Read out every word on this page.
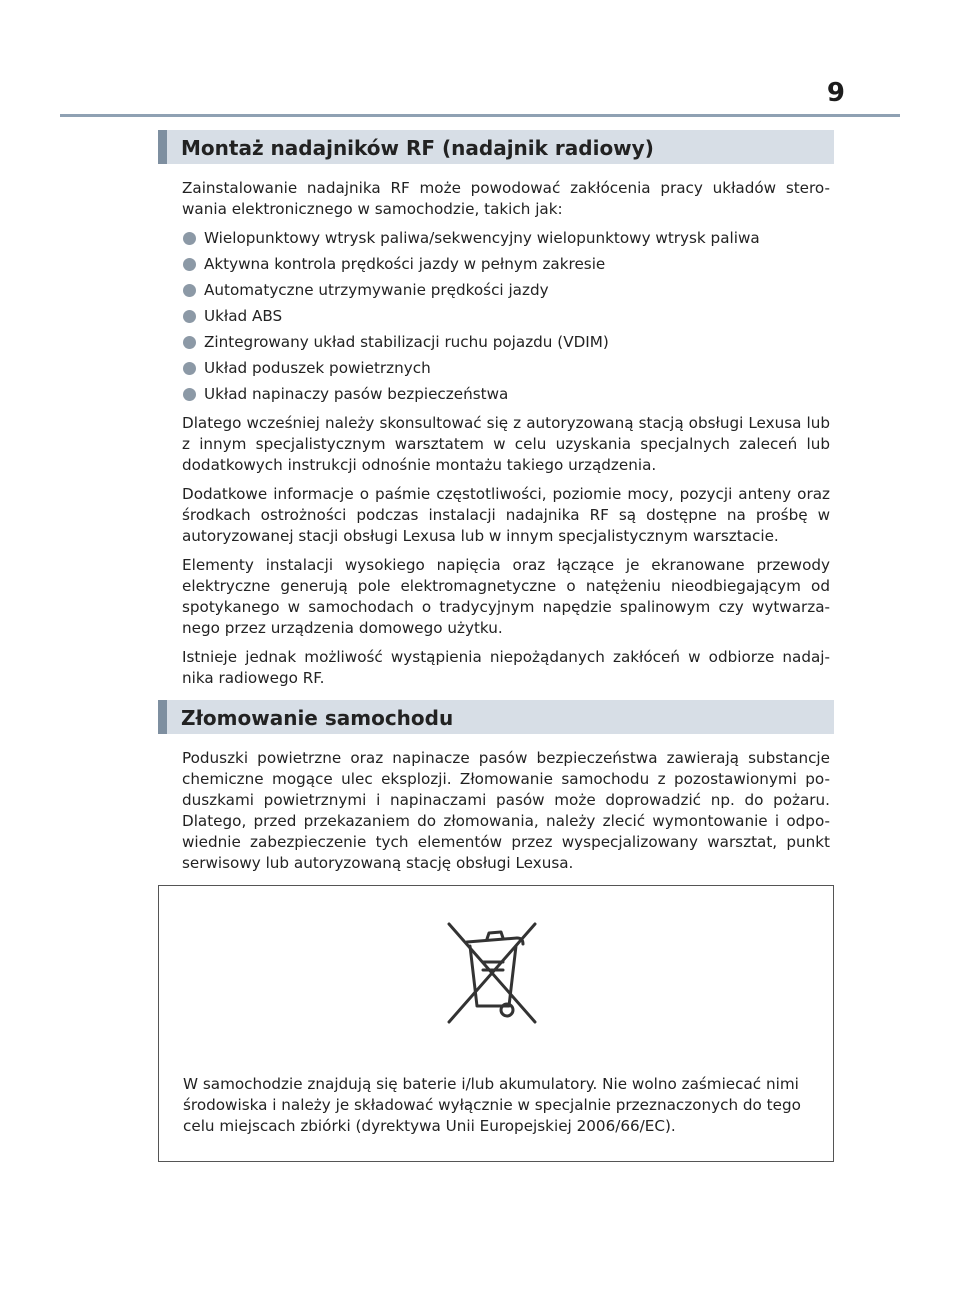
9
Montaż nadajników RF (nadajnik radiowy)

Zainstalowanie nadajnika RF może powodować zakłócenia pracy układów stero-wania elektronicznego w samochodzie, takich jak:

Wielopunktowy wtrysk paliwa/sekwencyjny wielopunktowy wtrysk paliwa
Aktywna kontrola prędkości jazdy w pełnym zakresie
Automatyczne utrzymywanie prędkości jazdy
Układ ABS
Zintegrowany układ stabilizacji ruchu pojazdu (VDIM)
Układ poduszek powietrznych
Układ napinaczy pasów bezpieczeństwa

Dlatego wcześniej należy skonsultować się z autoryzowaną stacją obsługi Lexusa lub z innym specjalistycznym warsztatem w celu uzyskania specjalnych zaleceń lub dodatkowych instrukcji odnośnie montażu takiego urządzenia.

Dodatkowe informacje o paśmie częstotliwości, poziomie mocy, pozycji anteny oraz środkach ostrożności podczas instalacji nadajnika RF są dostępne na prośbę w autoryzowanej stacji obsługi Lexusa lub w innym specjalistycznym warsztacie.

Elementy instalacji wysokiego napięcia oraz łączące je ekranowane przewody elektryczne generują pole elektromagnetyczne o natężeniu nieodbiegającym od spotykanego w samochodach o tradycyjnym napędzie spalinowym czy wytwarza-nego przez urządzenia domowego użytku.

Istnieje jednak możliwość wystąpienia niepożądanych zakłóceń w odbiorze nadaj-nika radiowego RF.

Złomowanie samochodu

Poduszki powietrzne oraz napinacze pasów bezpieczeństwa zawierają substancje chemiczne mogące ulec eksplozji. Złomowanie samochodu z pozostawionymi po-duszkami powietrznymi i napinaczami pasów może doprowadzić np. do pożaru. Dlatego, przed przekazaniem do złomowania, należy zlecić wymontowanie i odpo-wiednie zabezpieczenie tych elementów przez wyspecjalizowany warsztat, punkt serwisowy lub autoryzowaną stację obsługi Lexusa.

W samochodzie znajdują się baterie i/lub akumulatory. Nie wolno zaśmiecać nimi środowiska i należy je składować wyłącznie w specjalnie przeznaczonych do tego celu miejscach zbiórki (dyrektywa Unii Europejskiej 2006/66/EC).
